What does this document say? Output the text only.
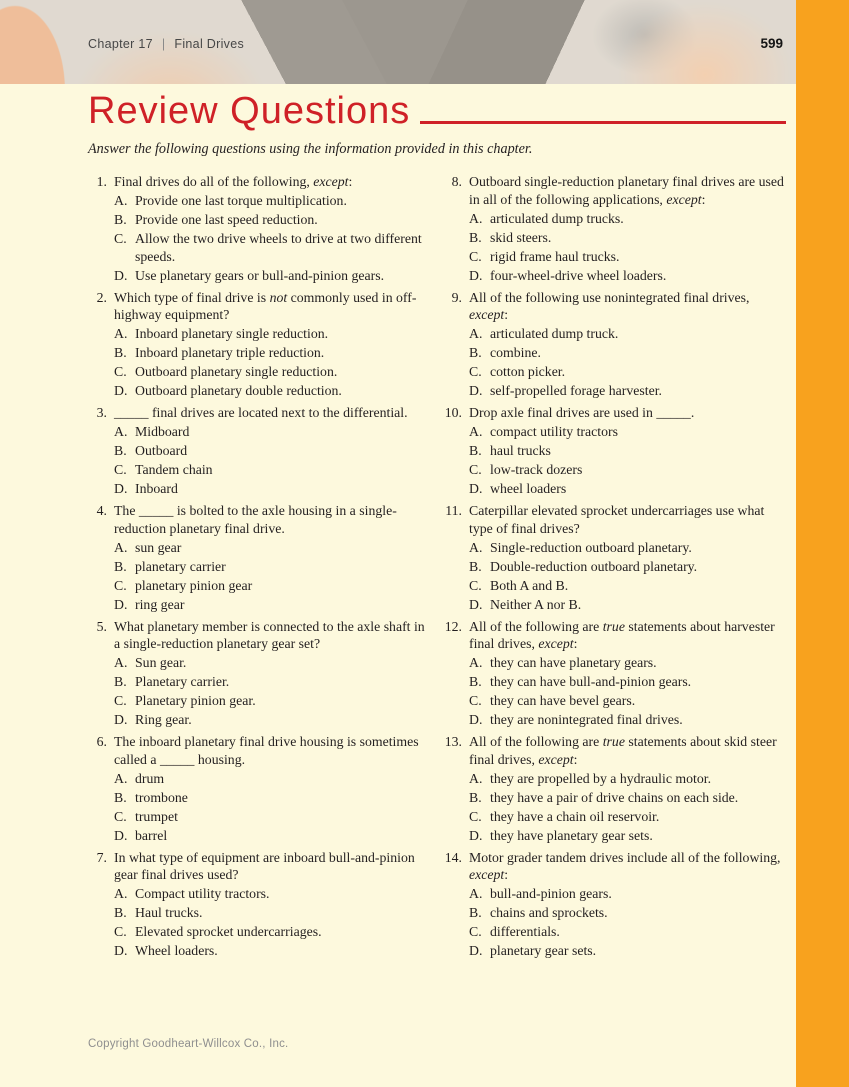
Chapter 17 | Final Drives	599
Review Questions
Answer the following questions using the information provided in this chapter.
1. Final drives do all of the following, except:
A. Provide one last torque multiplication.
B. Provide one last speed reduction.
C. Allow the two drive wheels to drive at two different speeds.
D. Use planetary gears or bull-and-pinion gears.
2. Which type of final drive is not commonly used in off-highway equipment?
A. Inboard planetary single reduction.
B. Inboard planetary triple reduction.
C. Outboard planetary single reduction.
D. Outboard planetary double reduction.
3. _____ final drives are located next to the differential.
A. Midboard
B. Outboard
C. Tandem chain
D. Inboard
4. The _____ is bolted to the axle housing in a single-reduction planetary final drive.
A. sun gear
B. planetary carrier
C. planetary pinion gear
D. ring gear
5. What planetary member is connected to the axle shaft in a single-reduction planetary gear set?
A. Sun gear.
B. Planetary carrier.
C. Planetary pinion gear.
D. Ring gear.
6. The inboard planetary final drive housing is sometimes called a _____ housing.
A. drum
B. trombone
C. trumpet
D. barrel
7. In what type of equipment are inboard bull-and-pinion gear final drives used?
A. Compact utility tractors.
B. Haul trucks.
C. Elevated sprocket undercarriages.
D. Wheel loaders.
8. Outboard single-reduction planetary final drives are used in all of the following applications, except:
A. articulated dump trucks.
B. skid steers.
C. rigid frame haul trucks.
D. four-wheel-drive wheel loaders.
9. All of the following use nonintegrated final drives, except:
A. articulated dump truck.
B. combine.
C. cotton picker.
D. self-propelled forage harvester.
10. Drop axle final drives are used in _____.
A. compact utility tractors
B. haul trucks
C. low-track dozers
D. wheel loaders
11. Caterpillar elevated sprocket undercarriages use what type of final drives?
A. Single-reduction outboard planetary.
B. Double-reduction outboard planetary.
C. Both A and B.
D. Neither A nor B.
12. All of the following are true statements about harvester final drives, except:
A. they can have planetary gears.
B. they can have bull-and-pinion gears.
C. they can have bevel gears.
D. they are nonintegrated final drives.
13. All of the following are true statements about skid steer final drives, except:
A. they are propelled by a hydraulic motor.
B. they have a pair of drive chains on each side.
C. they have a chain oil reservoir.
D. they have planetary gear sets.
14. Motor grader tandem drives include all of the following, except:
A. bull-and-pinion gears.
B. chains and sprockets.
C. differentials.
D. planetary gear sets.
Copyright Goodheart-Willcox Co., Inc.
